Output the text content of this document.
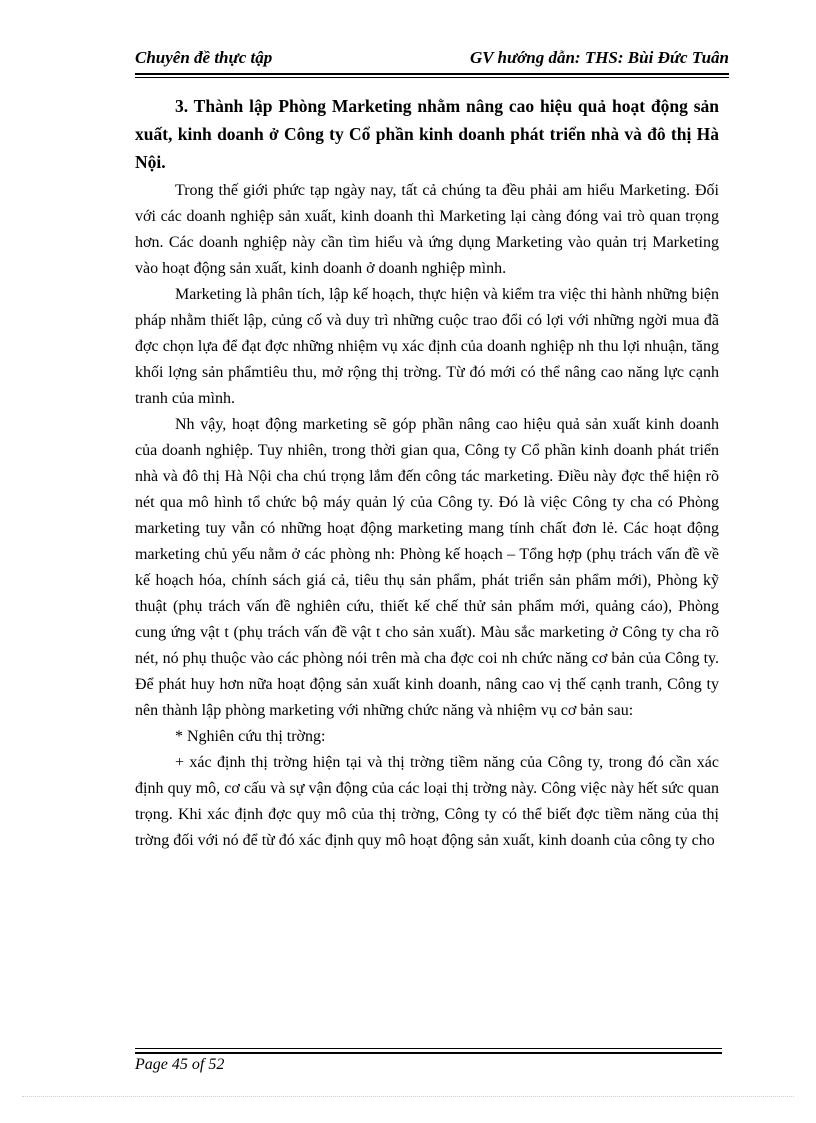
Chuyên đề thực tập	GV hướng dẫn: THS: Bùi Đức Tuân
3. Thành lập Phòng Marketing nhằm nâng cao hiệu quả hoạt động sản xuất, kinh doanh ở Công ty Cổ phần kinh doanh phát triển nhà và đô thị Hà Nội.

Trong thế giới phức tạp ngày nay, tất cả chúng ta đều phải am hiểu Marketing. Đối với các doanh nghiệp sản xuất, kinh doanh thì Marketing lại càng đóng vai trò quan trọng hơn. Các doanh nghiệp này cần tìm hiểu và ứng dụng Marketing vào quản trị Marketing vào hoạt động sản xuất, kinh doanh ở doanh nghiệp mình.

Marketing là phân tích, lập kế hoạch, thực hiện và kiểm tra việc thi hành những biện pháp nhằm thiết lập, củng cố và duy trì những cuộc trao đổi có lợi với những ngời mua đã đợc chọn lựa để đạt đợc những nhiệm vụ xác định của doanh nghiệp nh thu lợi nhuận, tăng khối lợng sản phẩmtiêu thu, mở rộng thị trờng. Từ đó mới có thể nâng cao năng lực cạnh tranh của mình.

Nh vậy, hoạt động marketing sẽ góp phần nâng cao hiệu quả sản xuất kinh doanh của doanh nghiệp. Tuy nhiên, trong thời gian qua, Công ty Cổ phần kinh doanh phát triển nhà và đô thị Hà Nội cha chú trọng lắm đến công tác marketing. Điều này đợc thể hiện rõ nét qua mô hình tổ chức bộ máy quản lý của Công ty. Đó là việc Công ty cha có Phòng marketing tuy vẫn có những hoạt động marketing mang tính chất đơn lẻ. Các hoạt động marketing chủ yếu nằm ở các phòng nh: Phòng kế hoạch – Tổng hợp (phụ trách vấn đề về kế hoạch hóa, chính sách giá cả, tiêu thụ sản phẩm, phát triển sản phẩm mới), Phòng kỹ thuật (phụ trách vấn đề nghiên cứu, thiết kế chế thử sản phẩm mới, quảng cáo), Phòng cung ứng vật t (phụ trách vấn đề vật t cho sản xuất). Màu sắc marketing ở Công ty cha rõ nét, nó phụ thuộc vào các phòng nói trên mà cha đợc coi nh chức năng cơ bản của Công ty. Để phát huy hơn nữa hoạt động sản xuất kinh doanh, nâng cao vị thế cạnh tranh, Công ty nên thành lập phòng marketing với những chức năng và nhiệm vụ cơ bản sau:

* Nghiên cứu thị trờng:

+ xác định thị trờng hiện tại và thị trờng tiềm năng của Công ty, trong đó cần xác định quy mô, cơ cấu và sự vận động của các loại thị trờng này. Công việc này hết sức quan trọng. Khi xác định đợc quy mô của thị trờng, Công ty có thể biết đợc tiềm năng của thị trờng đối với nó để từ đó xác định quy mô hoạt động sản xuất, kinh doanh của công ty cho

Page 45 of 52
